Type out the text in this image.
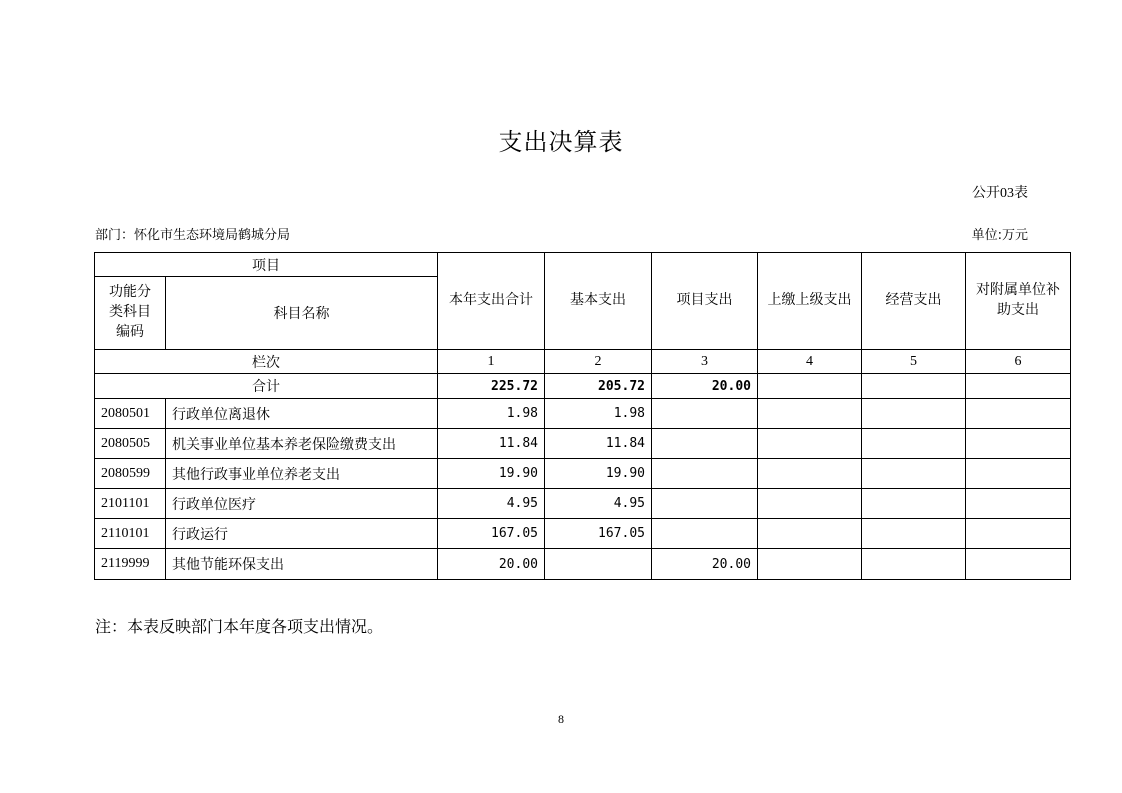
支出决算表
公开03表
部门：怀化市生态环境局鹤城分局	单位:万元
项目		本年支出合计	基本支出	项目支出	上缴上级支出	经营支出	对附属单位补助支出
功能分类科目编码	科目名称						
栏次		1	2	3	4	5	6
合计		225.72	205.72	20.00			
2080501	行政单位离退休	1.98	1.98				
2080505	机关事业单位基本养老保险缴费支出	11.84	11.84				
2080599	其他行政事业单位养老支出	19.90	19.90				
2101101	行政单位医疗	4.95	4.95				
2110101	行政运行	167.05	167.05				
2119999	其他节能环保支出	20.00		20.00			
注：本表反映部门本年度各项支出情况。
8
